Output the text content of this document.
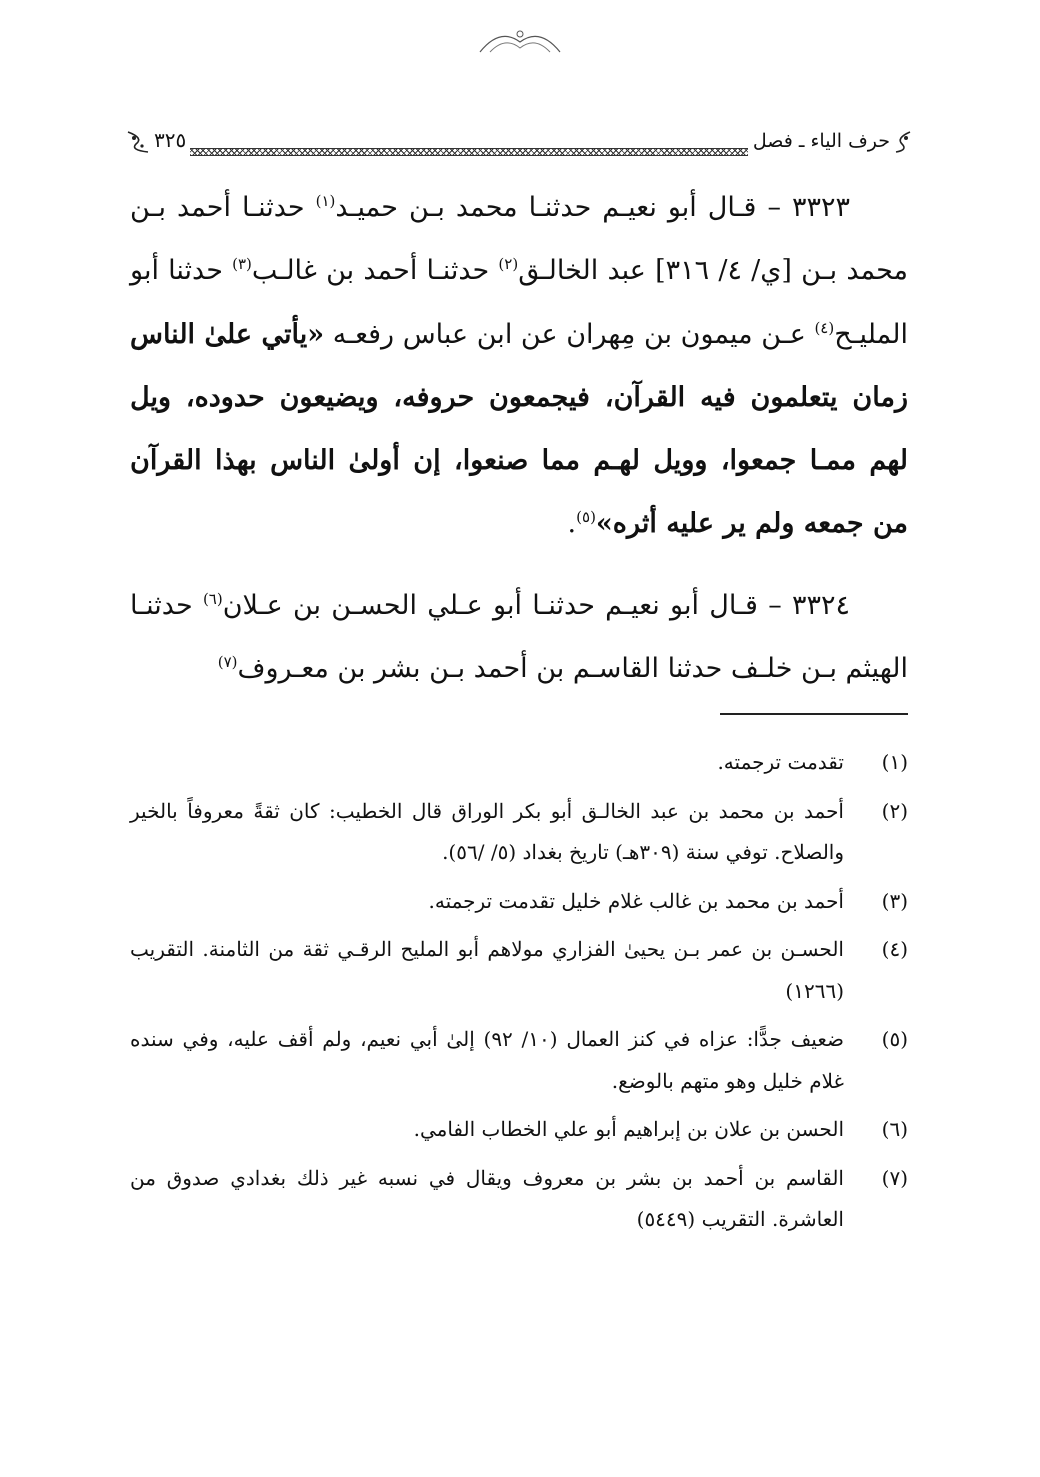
حرف الياء ـ فصل
٣٢٥

٣٣٢٣ – قـال أبو نعيـم حدثنـا محمد بـن حميـد$^{(١)}$ حدثنـا أحمد بـن محمد بـن [ي/ ٤/ ٣١٦] عبد الخالـق$^{(٢)}$ حدثنـا أحمد بن غالـب$^{(٣)}$ حدثنا أبو المليـح$^{(٤)}$ عـن ميمون بن مِهران عن ابن عباس رفعـه «يأتي علىٰ الناس زمان يتعلمون فيه القرآن، فيجمعون حروفه، ويضيعون حدوده، ويل لهم ممـا جمعوا، وويل لهـم مما صنعوا، إن أولىٰ الناس بهذا القرآن من جمعه ولم ير عليه أثره»$^{(٥)}$.

٣٣٢٤ – قـال أبو نعيـم حدثنـا أبو عـلي الحسـن بن عـلان$^{(٦)}$ حدثنـا الهيثم بـن خلـف حدثنا القاسـم بن أحمد بـن بشر بن معـروف$^{(٧)}$

(١)
تقدمت ترجمته.
(٢)
أحمد بن محمد بن عبد الخالـق أبو بكر الوراق قال الخطيب: كان ثقةً معروفاً بالخير والصلاح. توفي سنة (٣٠٩هـ) تاريخ بغداد (٥/ /٥٦).
(٣)
أحمد بن محمد بن غالب غلام خليل تقدمت ترجمته.
(٤)
الحسـن بن عمر بـن يحيىٰ الفزاري مولاهم أبو المليح الرقـي ثقة من الثامنة. التقريب (١٢٦٦)
(٥)
ضعيف جدًّا: عزاه في كنز العمال (١٠/ ٩٢) إلىٰ أبي نعيم، ولم أقف عليه، وفي سنده غلام خليل وهو متهم بالوضع.
(٦)
الحسن بن علان بن إبراهيم أبو علي الخطاب الفامي.
(٧)
القاسم بن أحمد بن بشر بن معروف ويقال في نسبه غير ذلك بغدادي صدوق من العاشرة. التقريب (٥٤٤٩)
